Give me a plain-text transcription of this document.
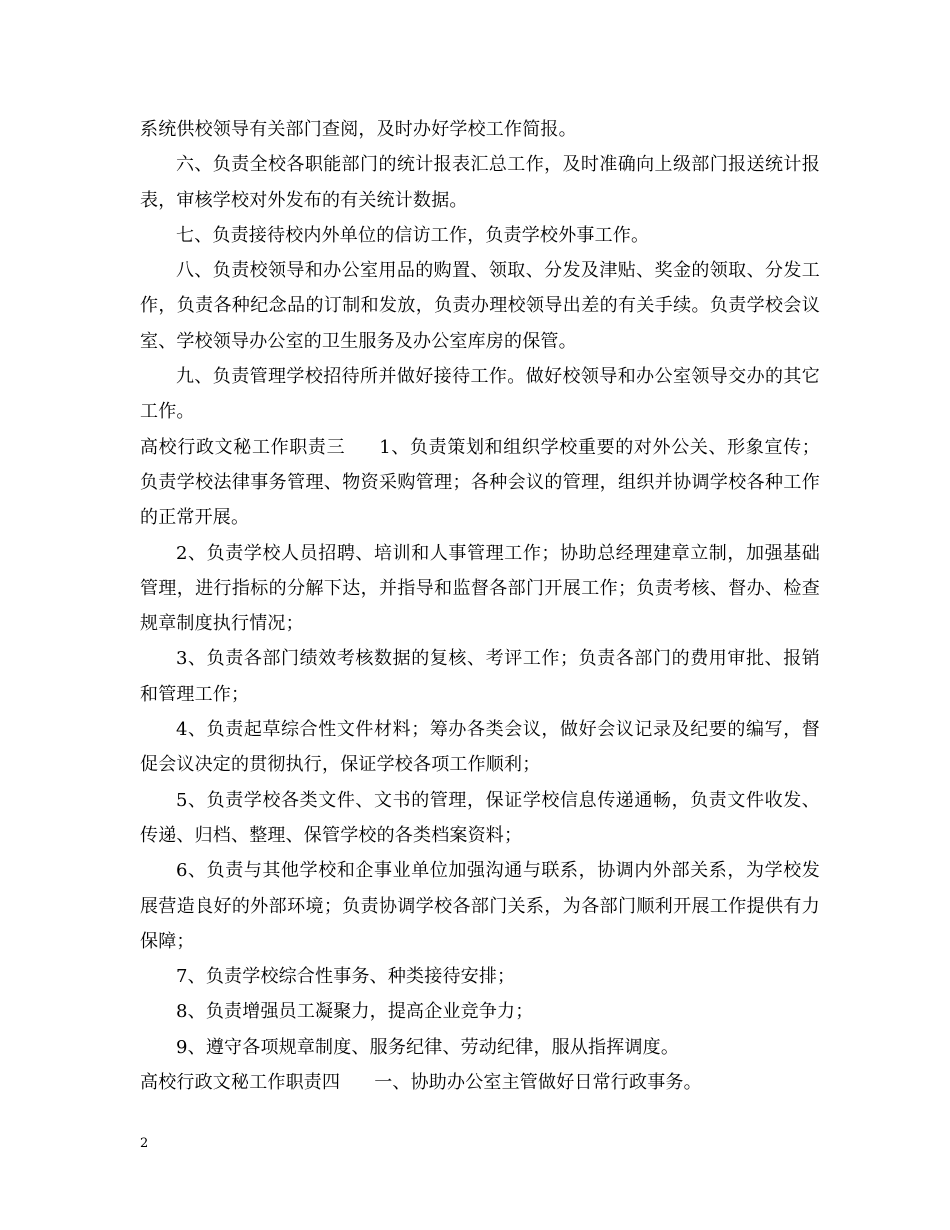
系统供校领导有关部门查阅，及时办好学校工作简报。

六、负责全校各职能部门的统计报表汇总工作，及时准确向上级部门报送统计报表，审核学校对外发布的有关统计数据。

七、负责接待校内外单位的信访工作，负责学校外事工作。

八、负责校领导和办公室用品的购置、领取、分发及津贴、奖金的领取、分发工作，负责各种纪念品的订制和发放，负责办理校领导出差的有关手续。负责学校会议室、学校领导办公室的卫生服务及办公室库房的保管。

九、负责管理学校招待所并做好接待工作。做好校领导和办公室领导交办的其它工作。

高校行政文秘工作职责三 1、负责策划和组织学校重要的对外公关、形象宣传；负责学校法律事务管理、物资采购管理；各种会议的管理，组织并协调学校各种工作的正常开展。

2、负责学校人员招聘、培训和人事管理工作；协助总经理建章立制，加强基础管理，进行指标的分解下达，并指导和监督各部门开展工作；负责考核、督办、检查规章制度执行情况；

3、负责各部门绩效考核数据的复核、考评工作；负责各部门的费用审批、报销和管理工作；

4、负责起草综合性文件材料；筹办各类会议，做好会议记录及纪要的编写，督促会议决定的贯彻执行，保证学校各项工作顺利；

5、负责学校各类文件、文书的管理，保证学校信息传递通畅，负责文件收发、传递、归档、整理、保管学校的各类档案资料；

6、负责与其他学校和企事业单位加强沟通与联系，协调内外部关系，为学校发展营造良好的外部环境；负责协调学校各部门关系，为各部门顺利开展工作提供有力保障；

7、负责学校综合性事务、种类接待安排；

8、负责增强员工凝聚力，提高企业竞争力；

9、遵守各项规章制度、服务纪律、劳动纪律，服从指挥调度。

高校行政文秘工作职责四 一、协助办公室主管做好日常行政事务。

2
